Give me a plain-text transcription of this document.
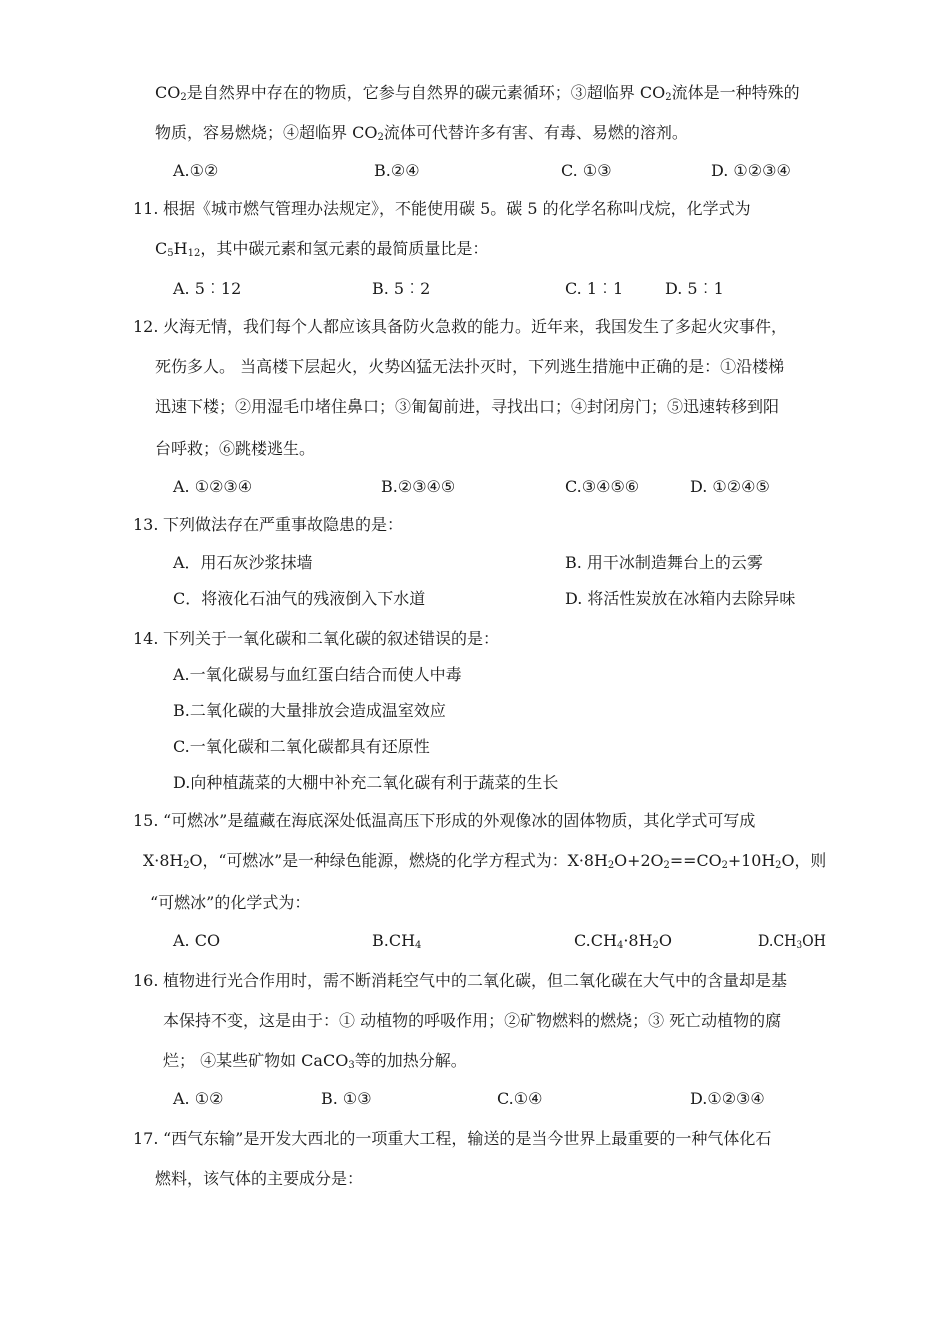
$CO_2$是自然界中存在的物质，它参与自然界的碳元素循环；③超临界 $CO_2$流体是一种特殊的
物质，容易燃烧；④超临界 $CO_2$流体可代替许多有害、有毒、易燃的溶剂。
A.①②	B.②④	C. ①③	D. ①②③④
11. 根据《城市燃气管理办法规定》，不能使用碳 5。碳 5 的化学名称叫戊烷，化学式为
$C_5H_{12}$，其中碳元素和氢元素的最简质量比是：
A. 5︰12	B. 5︰2	C. 1︰1	D. 5︰1
12. 火海无情，我们每个人都应该具备防火急救的能力。近年来，我国发生了多起火灾事件，
死伤多人。 当高楼下层起火，火势凶猛无法扑灭时，下列逃生措施中正确的是：①沿楼梯
迅速下楼；②用湿毛巾堵住鼻口；③匍匐前进，寻找出口；④封闭房门；⑤迅速转移到阳
台呼救；⑥跳楼逃生。
A. ①②③④	B.②③④⑤	C.③④⑤⑥	D. ①②④⑤
13. 下列做法存在严重事故隐患的是：
A．用石灰沙浆抹墙	B. 用干冰制造舞台上的云雾
C．将液化石油气的残液倒入下水道	D. 将活性炭放在冰箱内去除异味
14. 下列关于一氧化碳和二氧化碳的叙述错误的是：
A.一氧化碳易与血红蛋白结合而使人中毒
B.二氧化碳的大量排放会造成温室效应
C.一氧化碳和二氧化碳都具有还原性
D.向种植蔬菜的大棚中补充二氧化碳有利于蔬菜的生长
15. “可燃冰”是蕴藏在海底深处低温高压下形成的外观像冰的固体物质，其化学式可写成
$X\cdot 8H_2O$，“可燃冰”是一种绿色能源，燃烧的化学方程式为：$X\cdot 8H_2O+2O_2==CO_2+10H_2O$，则
“可燃冰”的化学式为：
A. CO	$B.CH_4$	$C.CH_4\cdot 8H_2O$	$D.CH_3OH$
16. 植物进行光合作用时，需不断消耗空气中的二氧化碳，但二氧化碳在大气中的含量却是基
本保持不变，这是由于：① 动植物的呼吸作用；②矿物燃料的燃烧；③ 死亡动植物的腐
烂； ④某些矿物如 CaCO$_3$等的加热分解。
A. ①②	B. ①③	C.①④	D.①②③④
17. “西气东输”是开发大西北的一项重大工程，输送的是当今世界上最重要的一种气体化石
燃料，该气体的主要成分是：
